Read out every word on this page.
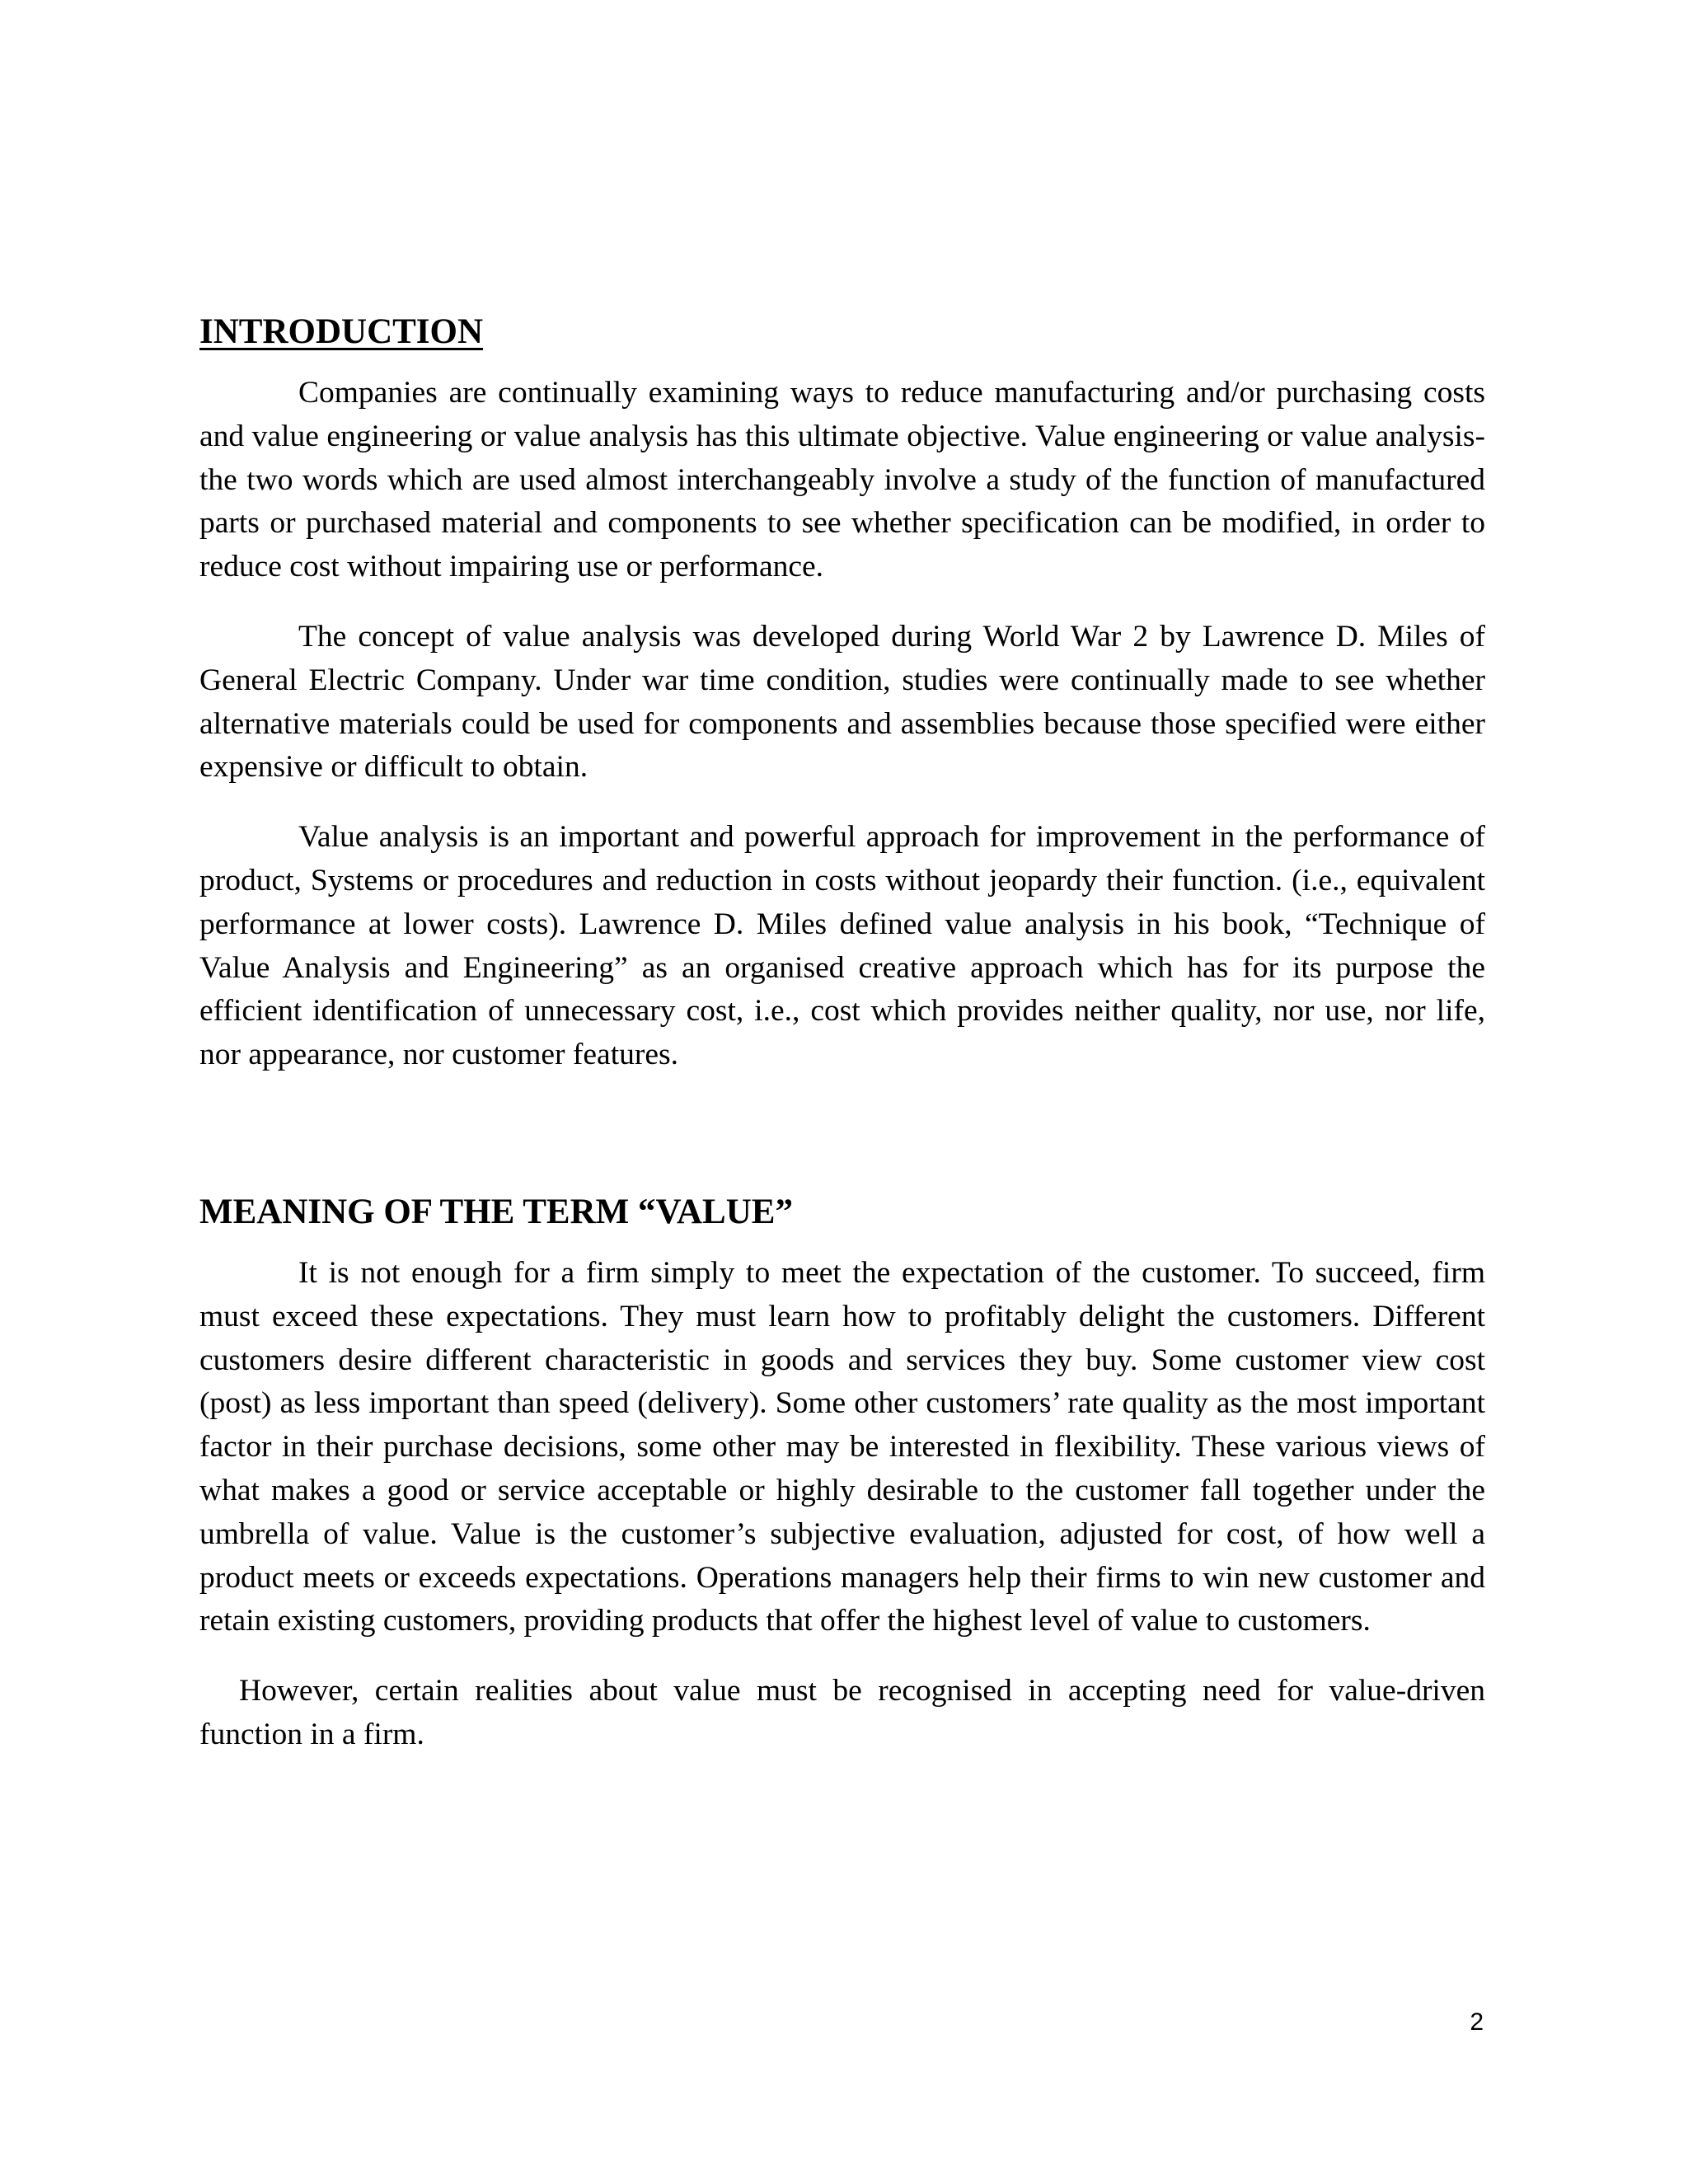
INTRODUCTION

Companies are continually examining ways to reduce manufacturing and/or purchasing costs and value engineering or value analysis has this ultimate objective. Value engineering or value analysis- the two words which are used almost interchangeably involve a study of the function of manufactured parts or purchased material and components to see whether specification can be modified, in order to reduce cost without impairing use or performance.

The concept of value analysis was developed during World War 2 by Lawrence D. Miles of General Electric Company. Under war time condition, studies were continually made to see whether alternative materials could be used for components and assemblies because those specified were either expensive or difficult to obtain.

Value analysis is an important and powerful approach for improvement in the performance of product, Systems or procedures and reduction in costs without jeopardy their function. (i.e., equivalent performance at lower costs). Lawrence D. Miles defined value analysis in his book, “Technique of Value Analysis and Engineering” as an organised creative approach which has for its purpose the efficient identification of unnecessary cost, i.e., cost which provides neither quality, nor use, nor life, nor appearance, nor customer features.

MEANING OF THE TERM “VALUE”

It is not enough for a firm simply to meet the expectation of the customer. To succeed, firm must exceed these expectations. They must learn how to profitably delight the customers. Different customers desire different characteristic in goods and services they buy. Some customer view cost (post) as less important than speed (delivery). Some other customers’ rate quality as the most important factor in their purchase decisions, some other may be interested in flexibility. These various views of what makes a good or service acceptable or highly desirable to the customer fall together under the umbrella of value. Value is the customer’s subjective evaluation, adjusted for cost, of how well a product meets or exceeds expectations. Operations managers help their firms to win new customer and retain existing customers, providing products that offer the highest level of value to customers.

However, certain realities about value must be recognised in accepting need for value-driven function in a firm.

2
